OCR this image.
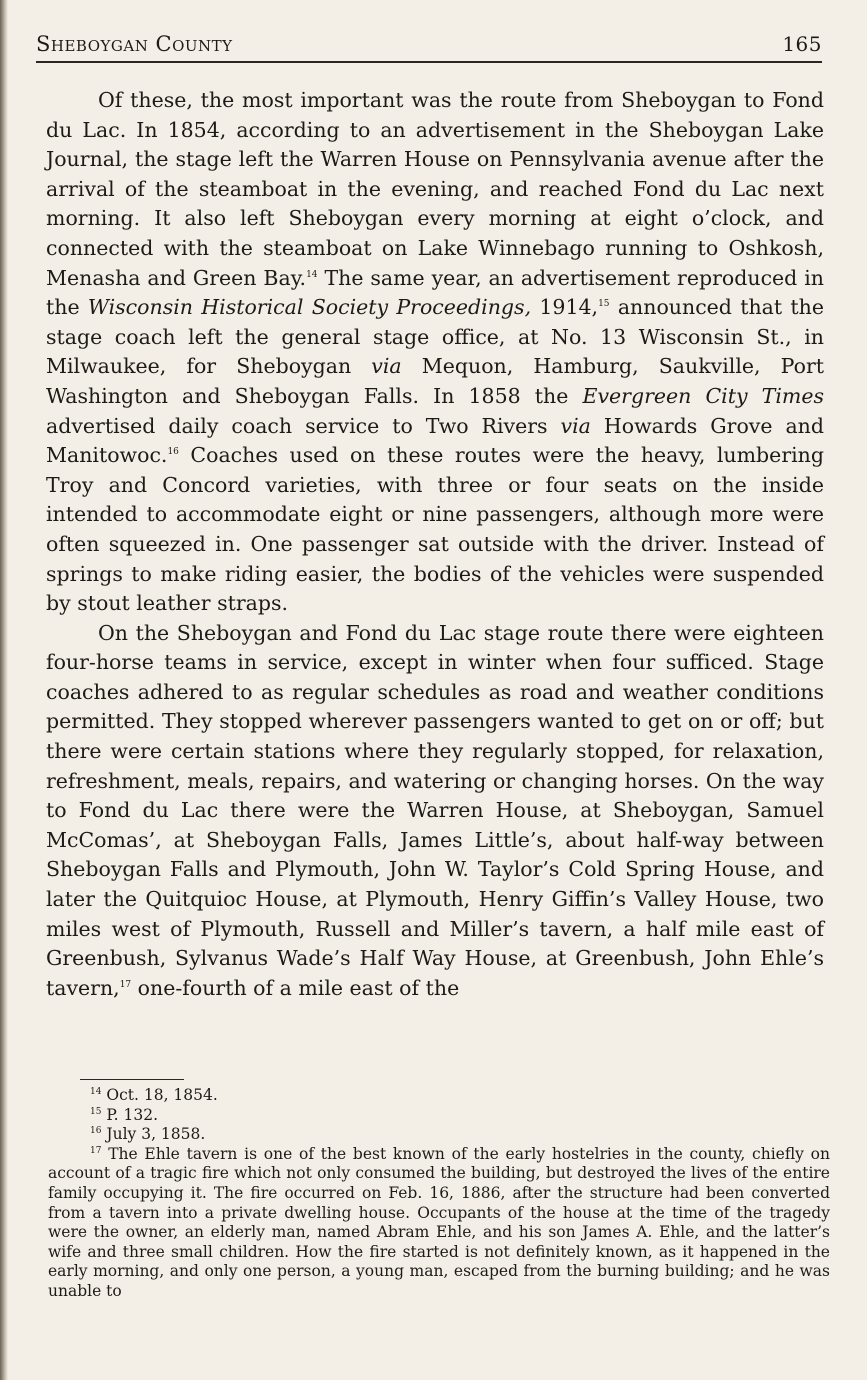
Sheboygan County	165

Of these, the most important was the route from Sheboygan to Fond du Lac. In 1854, according to an advertisement in the Sheboygan Lake Journal, the stage left the Warren House on Pennsylvania avenue after the arrival of the steamboat in the evening, and reached Fond du Lac next morning. It also left Sheboygan every morning at eight o’clock, and connected with the steamboat on Lake Winnebago running to Oshkosh, Menasha and Green Bay.$^{14}$ The same year, an advertisement reproduced in the Wisconsin Historical Society Proceedings, 1914,15 announced that the stage coach left the general stage office, at No. 13 Wisconsin St., in Milwaukee, for Sheboygan via Mequon, Hamburg, Saukville, Port Washington and Sheboygan Falls. In 1858 the Evergreen City Times advertised daily coach service to Two Rivers via Howards Grove and Manitowoc.$^{16}$ Coaches used on these routes were the heavy, lumbering Troy and Concord varieties, with three or four seats on the inside intended to accommodate eight or nine passengers, although more were often squeezed in. One passenger sat outside with the driver. Instead of springs to make riding easier, the bodies of the vehicles were suspended by stout leather straps.

On the Sheboygan and Fond du Lac stage route there were eighteen four-horse teams in service, except in winter when four sufficed. Stage coaches adhered to as regular schedules as road and weather conditions permitted. They stopped wherever passengers wanted to get on or off; but there were certain stations where they regularly stopped, for relaxation, refreshment, meals, repairs, and watering or changing horses. On the way to Fond du Lac there were the Warren House, at Sheboygan, Samuel McComas’, at Sheboygan Falls, James Little’s, about half-way between Sheboygan Falls and Plymouth, John W. Taylor’s Cold Spring House, and later the Quitquioc House, at Plymouth, Henry Giffin’s Valley House, two miles west of Plymouth, Russell and Miller’s tavern, a half mile east of Greenbush, Sylvanus Wade’s Half Way House, at Greenbush, John Ehle’s tavern,$^{17}$ one-fourth of a mile east of the

$^{14}$ Oct. 18, 1854.

$^{15}$ P. 132.

$^{16}$ July 3, 1858.

$^{17}$ The Ehle tavern is one of the best known of the early hostelries in the county, chiefly on account of a tragic fire which not only consumed the building, but destroyed the lives of the entire family occupying it. The fire occurred on Feb. 16, 1886, after the structure had been converted from a tavern into a private dwelling house. Occupants of the house at the time of the tragedy were the owner, an elderly man, named Abram Ehle, and his son James A. Ehle, and the latter’s wife and three small children. How the fire started is not definitely known, as it happened in the early morning, and only one person, a young man, escaped from the burning building; and he was unable to
